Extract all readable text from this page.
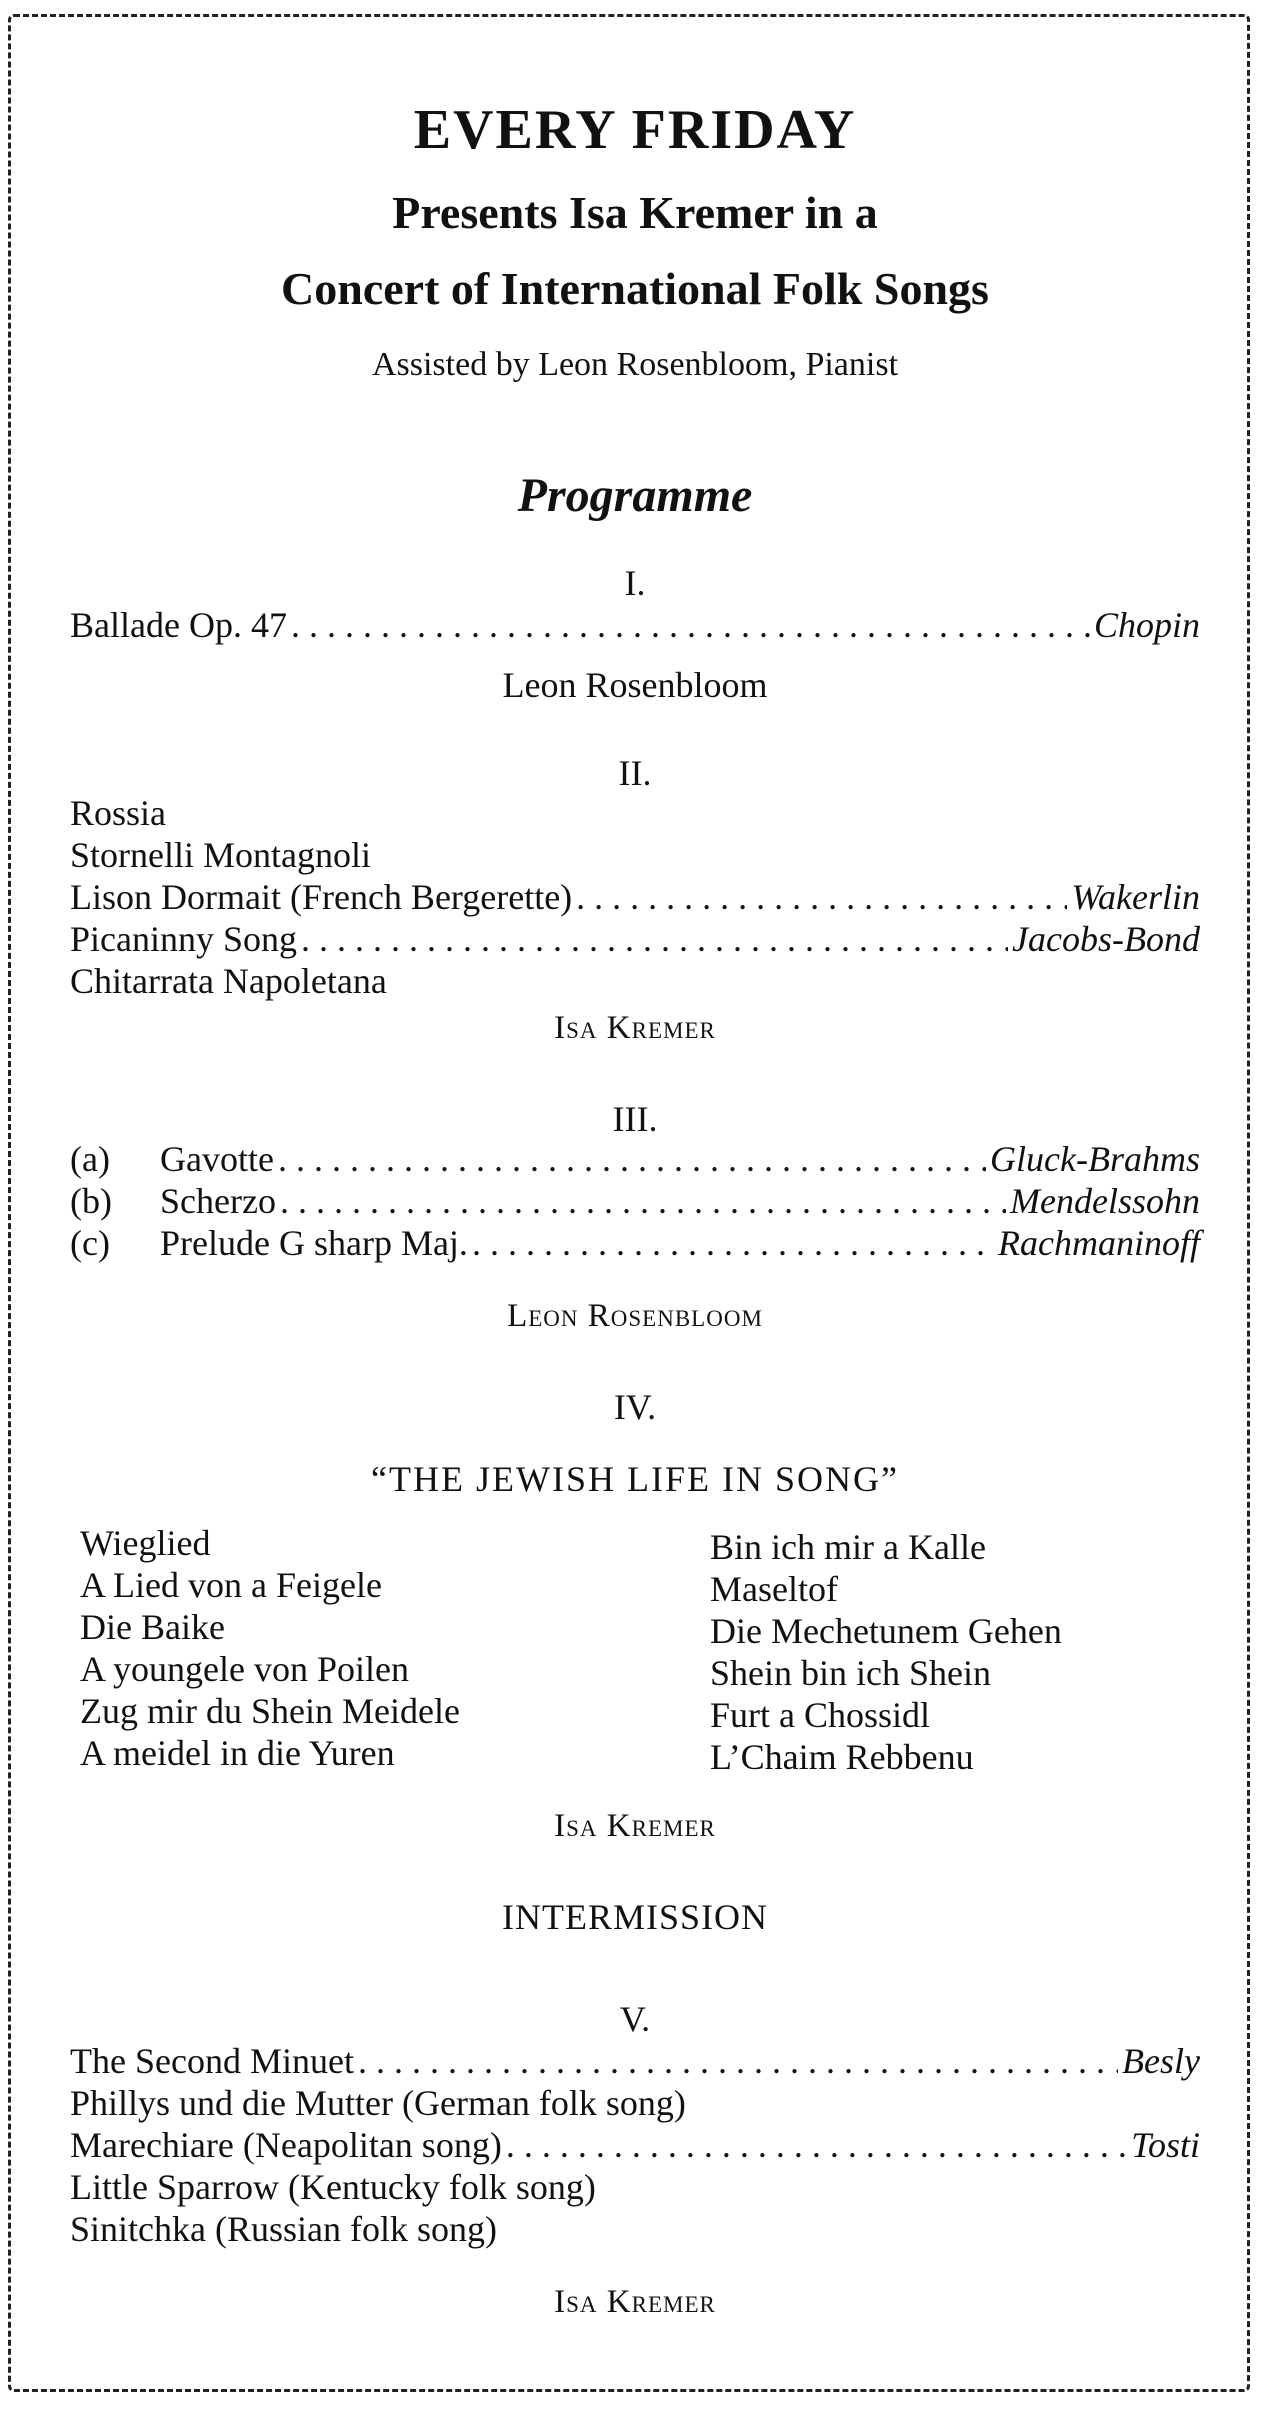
EVERY FRIDAY
Presents Isa Kremer in a
Concert of International Folk Songs
Assisted by Leon Rosenbloom, Pianist
Programme
I.
Ballade Op. 47 . . .	Chopin
Leon Rosenbloom
II.
Rossia
Stornelli Montagnoli
Lison Dormait (French Bergerette) . . .	Wakerlin
Picaninny Song . . .	Jacobs-Bond
Chitarrata Napoletana
Isa Kremer
III.
(a)	Gavotte . . .	Gluck-Brahms
(b)	Scherzo . . .	Mendelssohn
(c)	Prelude G sharp Maj. . . .	Rachmaninoff
Leon Rosenbloom
IV.
“THE JEWISH LIFE IN SONG”
Wieglied
A Lied von a Feigele
Die Baike
A youngele von Poilen
Zug mir du Shein Meidele
A meidel in die Yuren
Bin ich mir a Kalle
Maseltof
Die Mechetunem Gehen
Shein bin ich Shein
Furt a Chossidl
L’Chaim Rebbenu
Isa Kremer
INTERMISSION
V.
The Second Minuet . . .	Besly
Phillys und die Mutter (German folk song)
Marechiare (Neapolitan song) . . .	Tosti
Little Sparrow (Kentucky folk song)
Sinitchka (Russian folk song)
Isa Kremer
